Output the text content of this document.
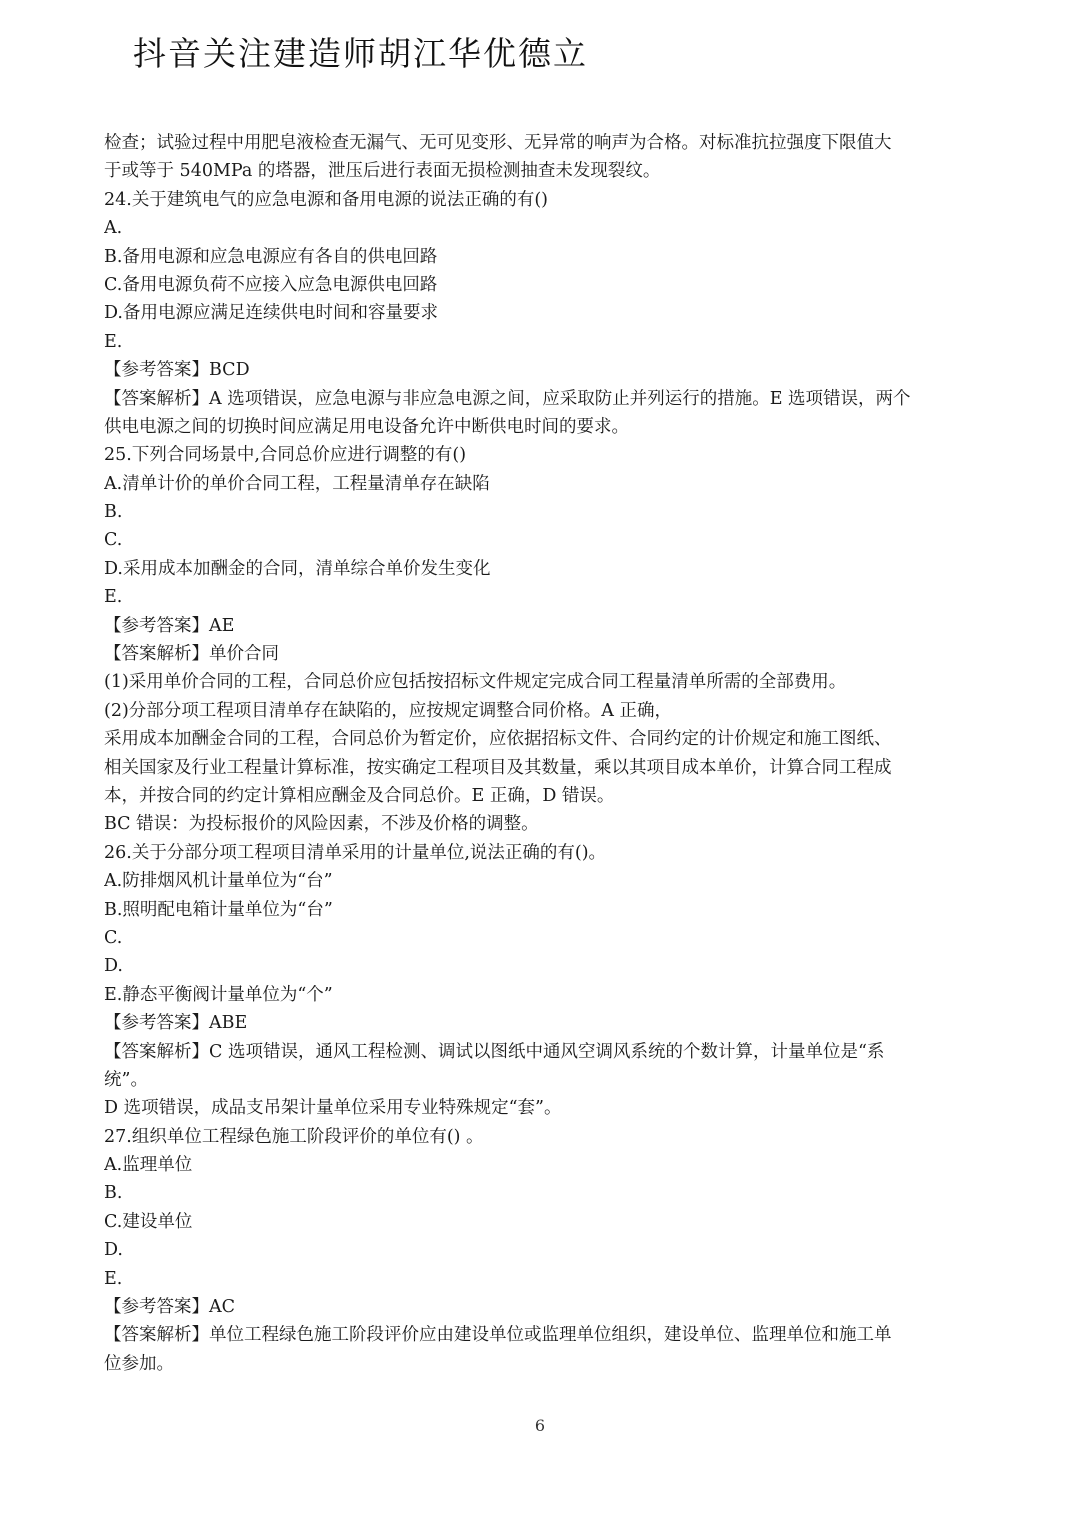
抖音关注建造师胡江华优德立
检查；试验过程中用肥皂液检查无漏气、无可见变形、无异常的响声为合格。对标准抗拉强度下限值大
于或等于 540MPa 的塔器，泄压后进行表面无损检测抽查未发现裂纹。
24.关于建筑电气的应急电源和备用电源的说法正确的有()
A.
B.备用电源和应急电源应有各自的供电回路
C.备用电源负荷不应接入应急电源供电回路
D.备用电源应满足连续供电时间和容量要求
E.
【参考答案】BCD
【答案解析】A 选项错误，应急电源与非应急电源之间，应采取防止并列运行的措施。E 选项错误，两个
供电电源之间的切换时间应满足用电设备允许中断供电时间的要求。
25.下列合同场景中,合同总价应进行调整的有()
A.清单计价的单价合同工程，工程量清单存在缺陷
B.
C.
D.采用成本加酬金的合同，清单综合单价发生变化
E.
【参考答案】AE
【答案解析】单价合同
(1)采用单价合同的工程，合同总价应包括按招标文件规定完成合同工程量清单所需的全部费用。
(2)分部分项工程项目清单存在缺陷的，应按规定调整合同价格。A 正确，
采用成本加酬金合同的工程，合同总价为暂定价，应依据招标文件、合同约定的计价规定和施工图纸、
相关国家及行业工程量计算标准，按实确定工程项目及其数量，乘以其项目成本单价，计算合同工程成
本，并按合同的约定计算相应酬金及合同总价。E 正确，D 错误。
BC 错误：为投标报价的风险因素，不涉及价格的调整。
26.关于分部分项工程项目清单采用的计量单位,说法正确的有()。
A.防排烟风机计量单位为“台”
B.照明配电箱计量单位为“台”
C.
D.
E.静态平衡阀计量单位为“个”
【参考答案】ABE
【答案解析】C 选项错误，通风工程检测、调试以图纸中通风空调风系统的个数计算，计量单位是“系
统”。
D 选项错误，成品支吊架计量单位采用专业特殊规定“套”。
27.组织单位工程绿色施工阶段评价的单位有() 。
A.监理单位
B.
C.建设单位
D.
E.
【参考答案】AC
【答案解析】单位工程绿色施工阶段评价应由建设单位或监理单位组织，建设单位、监理单位和施工单
位参加。
6
